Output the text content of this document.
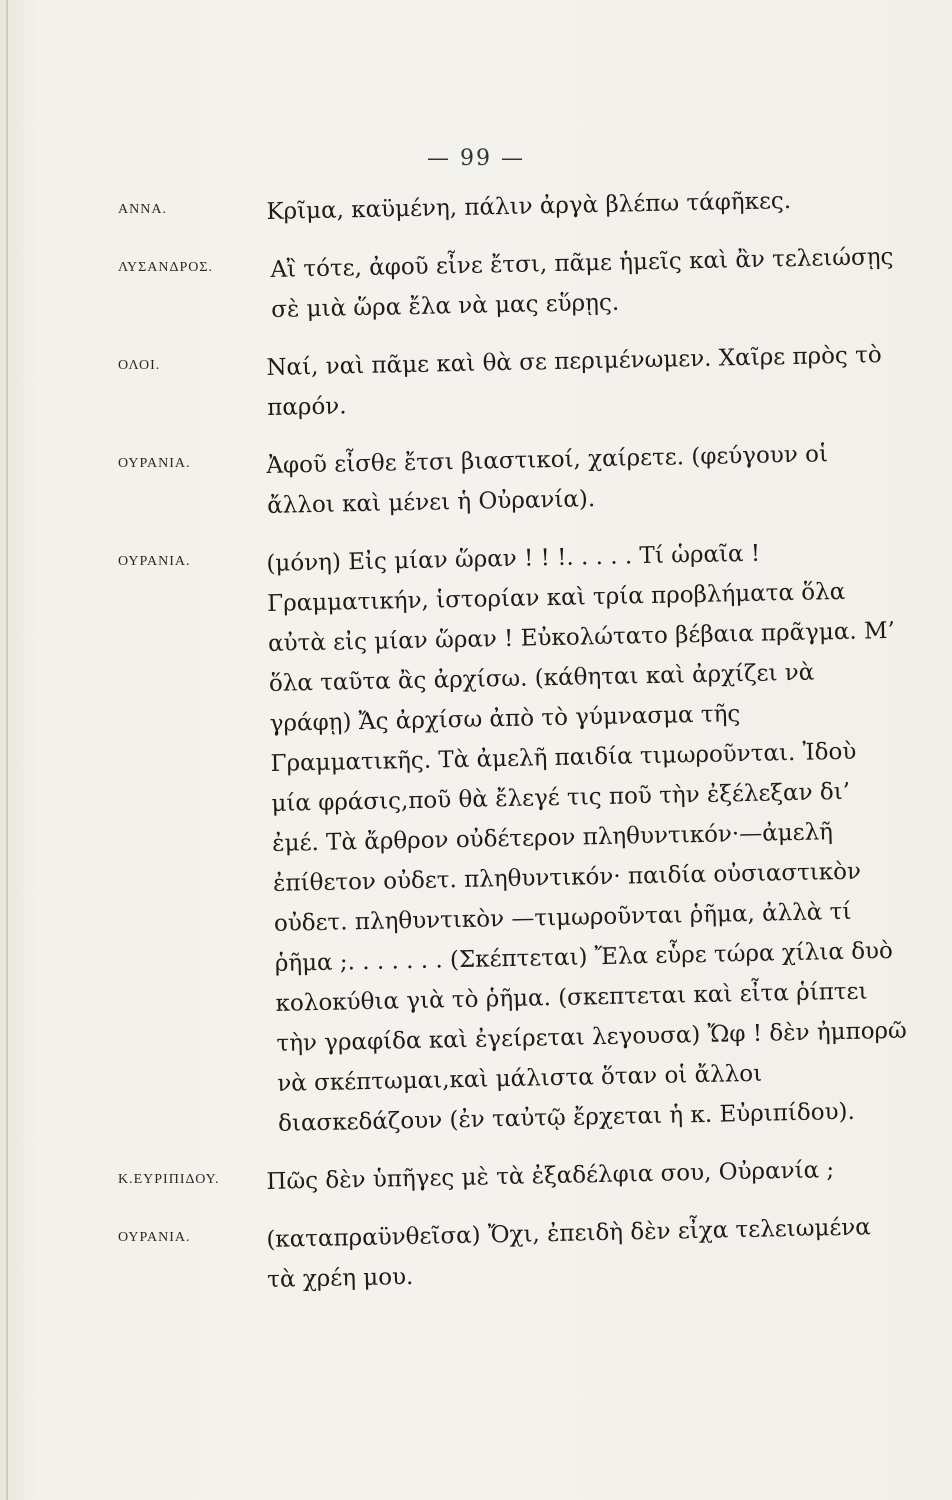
— 99 —
ΑΝΝΑ.	Κρῖμα, καϋμένη, πάλιν ἀργὰ βλέπω τάφῆκες.
ΛΥΣΑΝΔΡΟΣ. Αἲ τότε, ἀφοῦ εἶνε ἔτσι, πᾶμε ἡμεῖς καὶ ἂν τελειώσῃς σὲ μιὰ ὥρα ἔλα νὰ μας εὕρῃς.
ΟΛΟΙ.	Ναί, ναὶ πᾶμε καὶ θὰ σε περιμένωμεν. Χαῖρε πρὸς τὸ παρόν.
ΟΥΡΑΝΙΑ.	Ἀφοῦ εἶσθε ἔτσι βιαστικοί, χαίρετε. (φεύγουν οἱ ἄλλοι καὶ μένει ἡ Οὐρανία).
ΟΥΡΑΝΙΑ.	(μόνη) Εἰς μίαν ὥραν ! ! !. . . . . Τί ὡραῖα ! Γραμματικήν, ἱστορίαν καὶ τρία προβλήματα ὅλα αὐτὰ εἰς μίαν ὥραν ! Εὐκολώτατο βέβαια πρᾶγμα. Μ’ ὅλα ταῦτα ἂς ἀρχίσω. (κάθηται καὶ ἀρχίζει νὰ γράφῃ) Ἄς ἀρχίσω ἀπὸ τὸ γύμνασμα τῆς Γραμματικῆς. Τὰ ἀμελῆ παιδία τιμωροῦνται. Ἰδοὺ μία φράσις,ποῦ θὰ ἔλεγέ τις ποῦ τὴν ἐξέλεξαν δι’ ἐμέ. Τὰ ἄρθρον οὐδέτερον πληθυντικόν·—ἀμελῆ ἐπίθετον οὐδετ. πληθυντικόν· παιδία οὐσιαστικὸν οὐδετ. πληθυντικὸν —τιμωροῦνται ῥῆμα, ἀλλὰ τί ῥῆμα ;. . . . . . . (Σκέπτεται) Ἔλα εὗρε τώρα χίλια δυὸ κολοκύθια γιὰ τὸ ῥῆμα. (σκεπτεται καὶ εἶτα ῥίπτει τὴν γραφίδα καὶ ἐγείρεται λεγουσα) Ὤφ ! δὲν ἠμπορῶ νὰ σκέπτωμαι,καὶ μάλιστα ὅταν οἱ ἄλλοι διασκεδάζουν (ἐν ταὐτῷ ἔρχεται ἡ κ. Εὐριπίδου).
Κ.ΕΥΡΙΠΙΔΟΥ. Πῶς δὲν ὑπῆγες μὲ τὰ ἐξαδέλφια σου, Οὐρανία ;
ΟΥΡΑΝΙΑ.	(καταπραϋνθεῖσα) Ὄχι, ἐπειδὴ δὲν εἶχα τελειωμένα τὰ χρέη μου.
